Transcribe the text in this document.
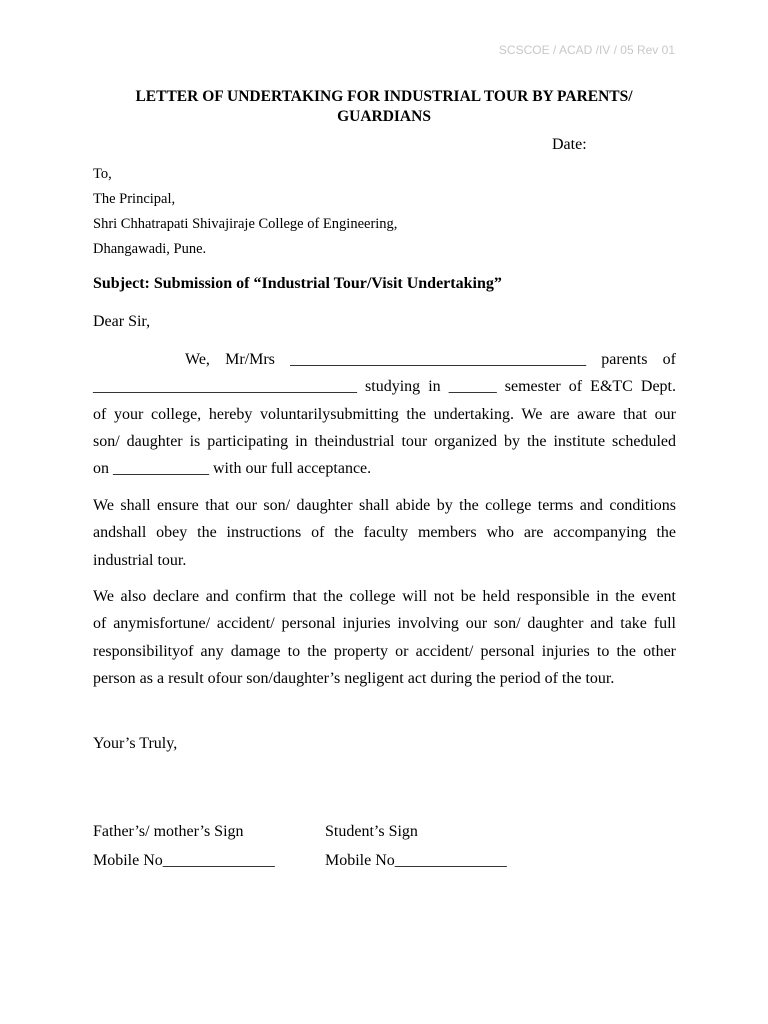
SCSCOE / ACAD /IV / 05 Rev 01
LETTER OF UNDERTAKING FOR INDUSTRIAL TOUR BY PARENTS/ GUARDIANS
Date:
To,
The Principal,
Shri Chhatrapati Shivajiraje College of Engineering,
Dhangawadi, Pune.
Subject: Submission of “Industrial Tour/Visit Undertaking”
Dear Sir,
We, Mr/Mrs _____________________________________ parents of
_________________________________ studying in ______ semester of E&TC Dept.
of your college, hereby voluntarilysubmitting the undertaking. We are aware that our
son/ daughter is participating in theindustrial tour organized by the institute scheduled
on ____________ with our full acceptance.
We shall ensure that our son/ daughter shall abide by the college terms and conditions
andshall obey the instructions of the faculty members who are accompanying the
industrial tour.
We also declare and confirm that the college will not be held responsible in the event
of anymisfortune/ accident/ personal injuries involving our son/ daughter and take full
responsibilityof any damage to the property or accident/ personal injuries to the other
person as a result ofour son/daughter’s negligent act during the period of the tour.
Your’s Truly,
Father’s/ mother’s Sign
Mobile No______________
Student’s Sign
Mobile No______________
